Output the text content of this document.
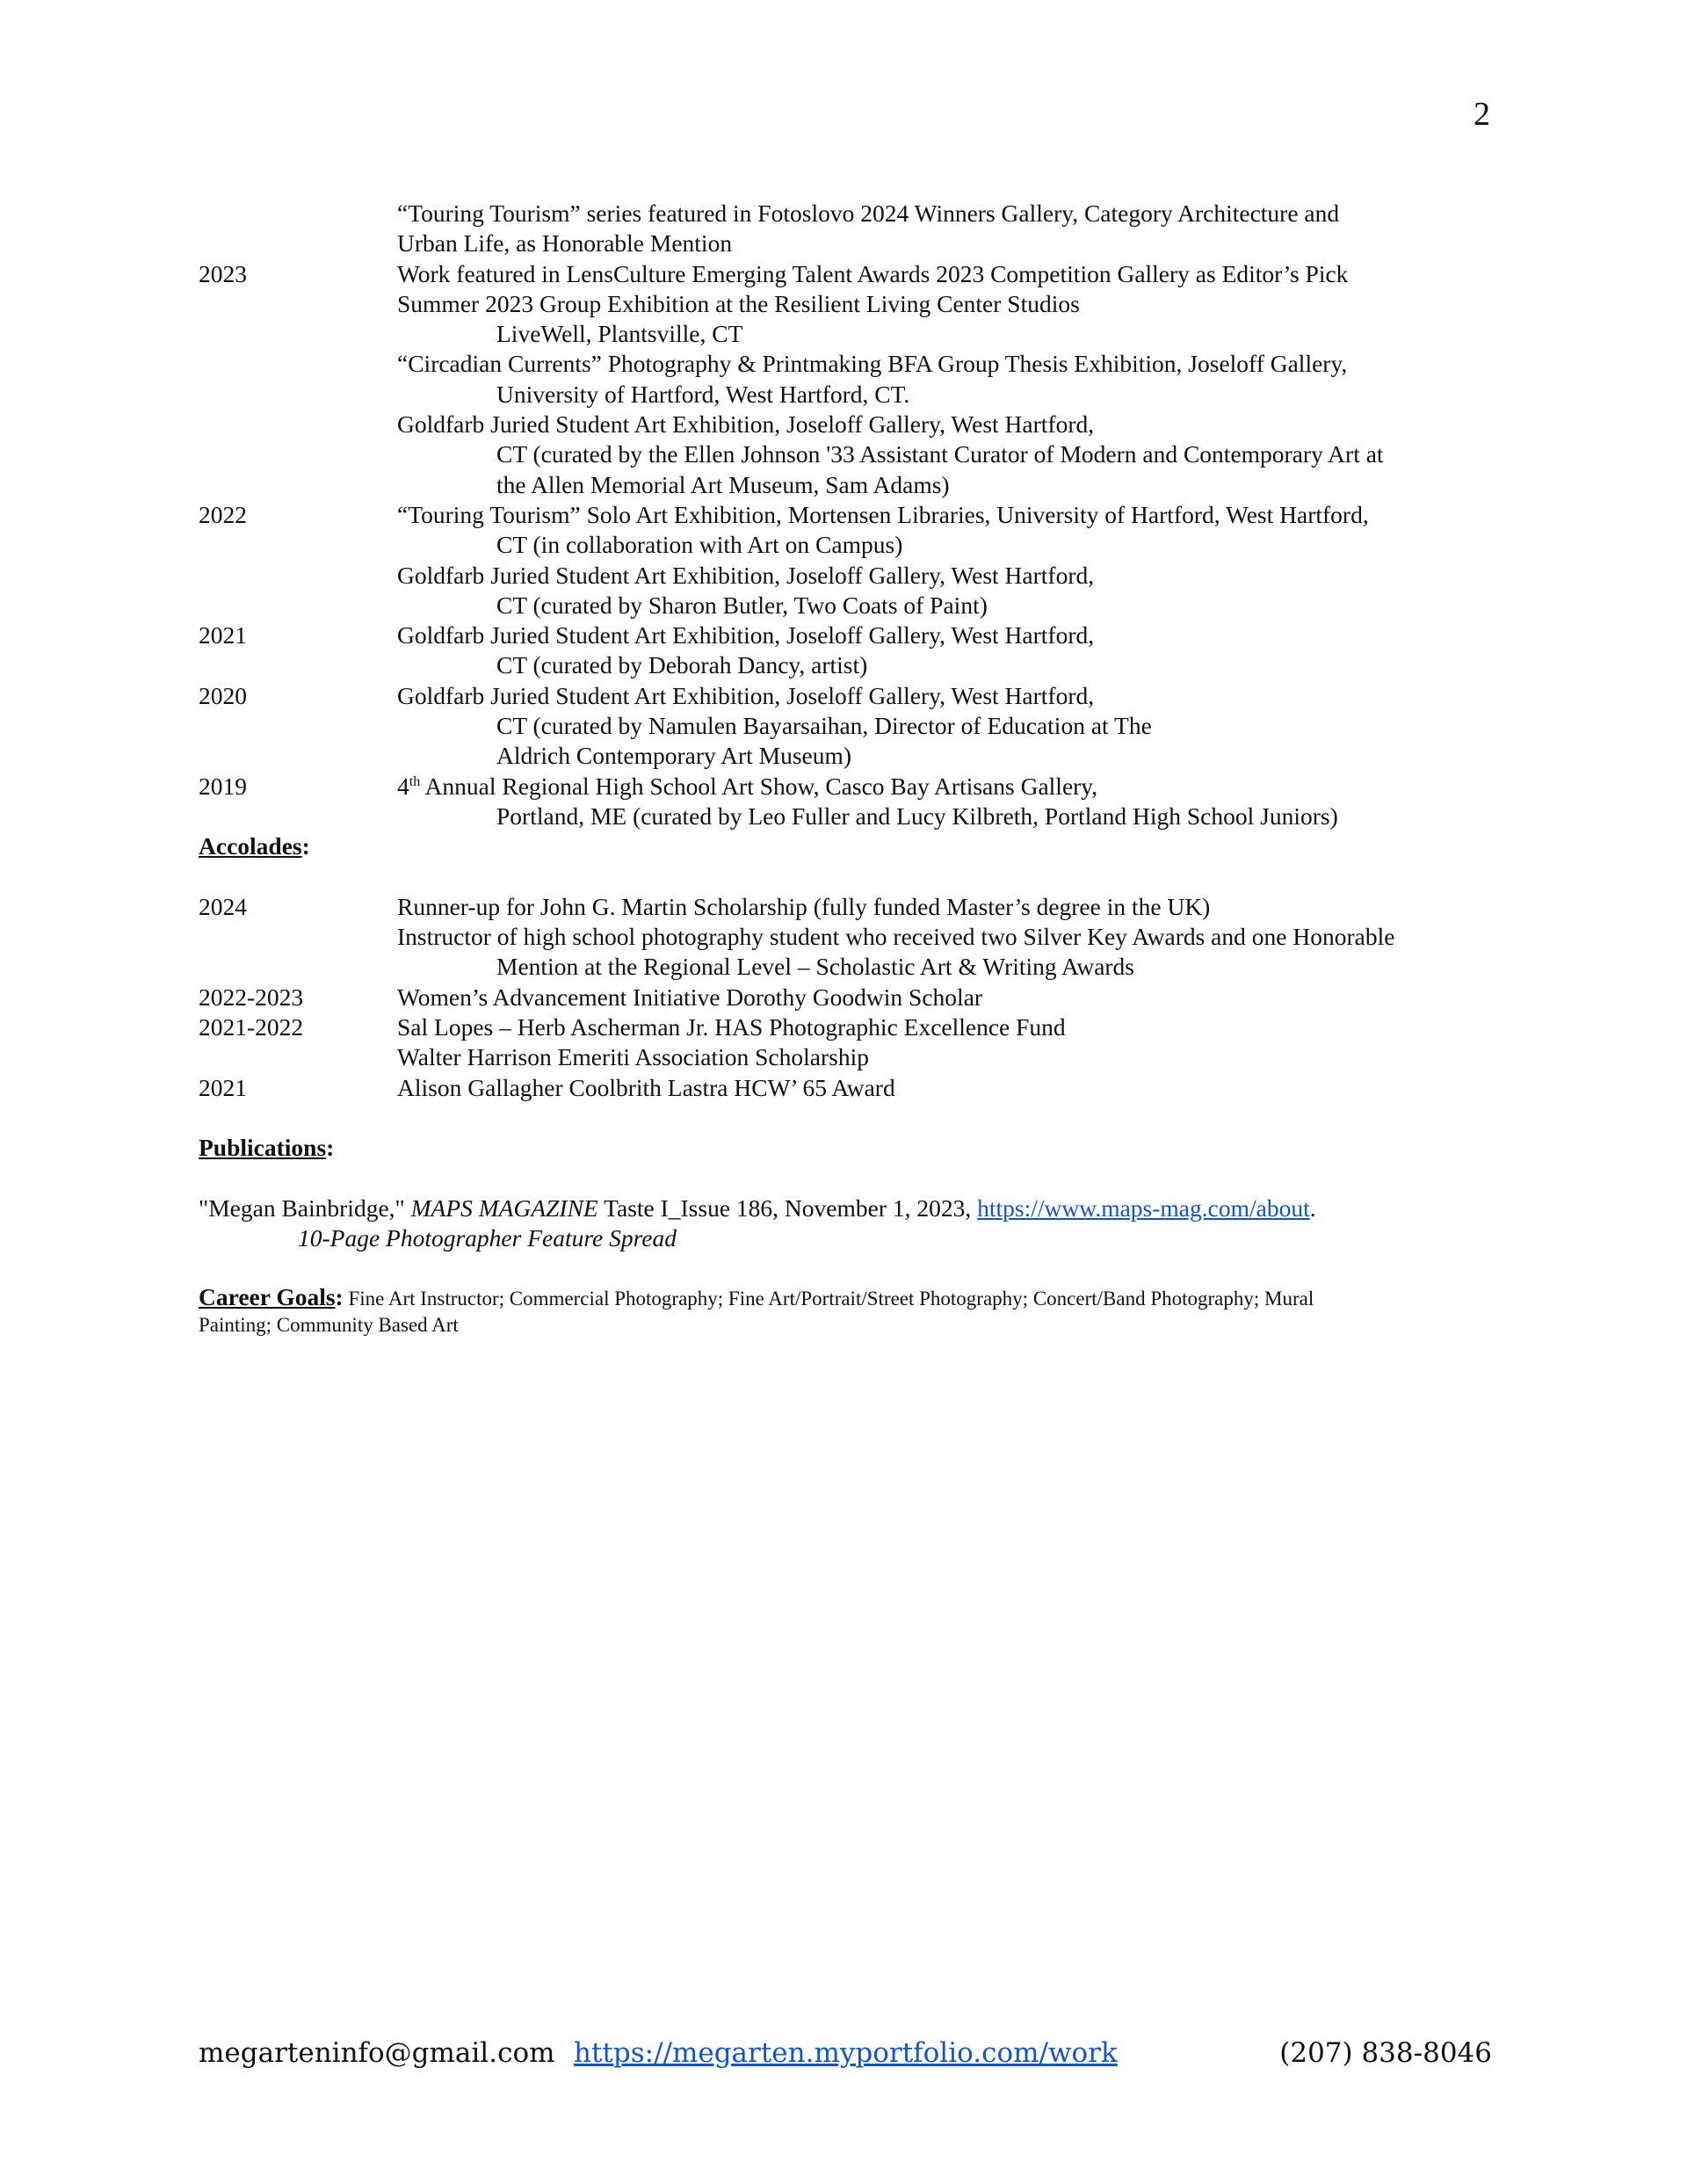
2
“Touring Tourism” series featured in Fotoslovo 2024 Winners Gallery, Category Architecture and
Urban Life, as Honorable Mention
2023	Work featured in LensCulture Emerging Talent Awards 2023 Competition Gallery as Editor’s Pick
Summer 2023 Group Exhibition at the Resilient Living Center Studios
LiveWell, Plantsville, CT
“Circadian Currents” Photography & Printmaking BFA Group Thesis Exhibition, Joseloff Gallery,
University of Hartford, West Hartford, CT.
Goldfarb Juried Student Art Exhibition, Joseloff Gallery, West Hartford,
CT (curated by the Ellen Johnson '33 Assistant Curator of Modern and Contemporary Art at
the Allen Memorial Art Museum, Sam Adams)
2022	“Touring Tourism” Solo Art Exhibition, Mortensen Libraries, University of Hartford, West Hartford,
CT (in collaboration with Art on Campus)
Goldfarb Juried Student Art Exhibition, Joseloff Gallery, West Hartford,
CT (curated by Sharon Butler, Two Coats of Paint)
2021	Goldfarb Juried Student Art Exhibition, Joseloff Gallery, West Hartford,
CT (curated by Deborah Dancy, artist)
2020	Goldfarb Juried Student Art Exhibition, Joseloff Gallery, West Hartford,
CT (curated by Namulen Bayarsaihan, Director of Education at The
Aldrich Contemporary Art Museum)
2019	4th Annual Regional High School Art Show, Casco Bay Artisans Gallery,
Portland, ME (curated by Leo Fuller and Lucy Kilbreth, Portland High School Juniors)
Accolades:
2024	Runner-up for John G. Martin Scholarship (fully funded Master’s degree in the UK)
Instructor of high school photography student who received two Silver Key Awards and one Honorable
Mention at the Regional Level – Scholastic Art & Writing Awards
2022-2023	Women’s Advancement Initiative Dorothy Goodwin Scholar
2021-2022	Sal Lopes – Herb Ascherman Jr. HAS Photographic Excellence Fund
Walter Harrison Emeriti Association Scholarship
2021	Alison Gallagher Coolbrith Lastra HCW’ 65 Award
Publications:
"Megan Bainbridge," MAPS MAGAZINE Taste I_Issue 186, November 1, 2023, https://www.maps-mag.com/about.
10-Page Photographer Feature Spread
Career Goals: Fine Art Instructor; Commercial Photography; Fine Art/Portrait/Street Photography; Concert/Band Photography; Mural
Painting; Community Based Art
megarteninfo@gmail.com https://megarten.myportfolio.com/work	(207) 838-8046
